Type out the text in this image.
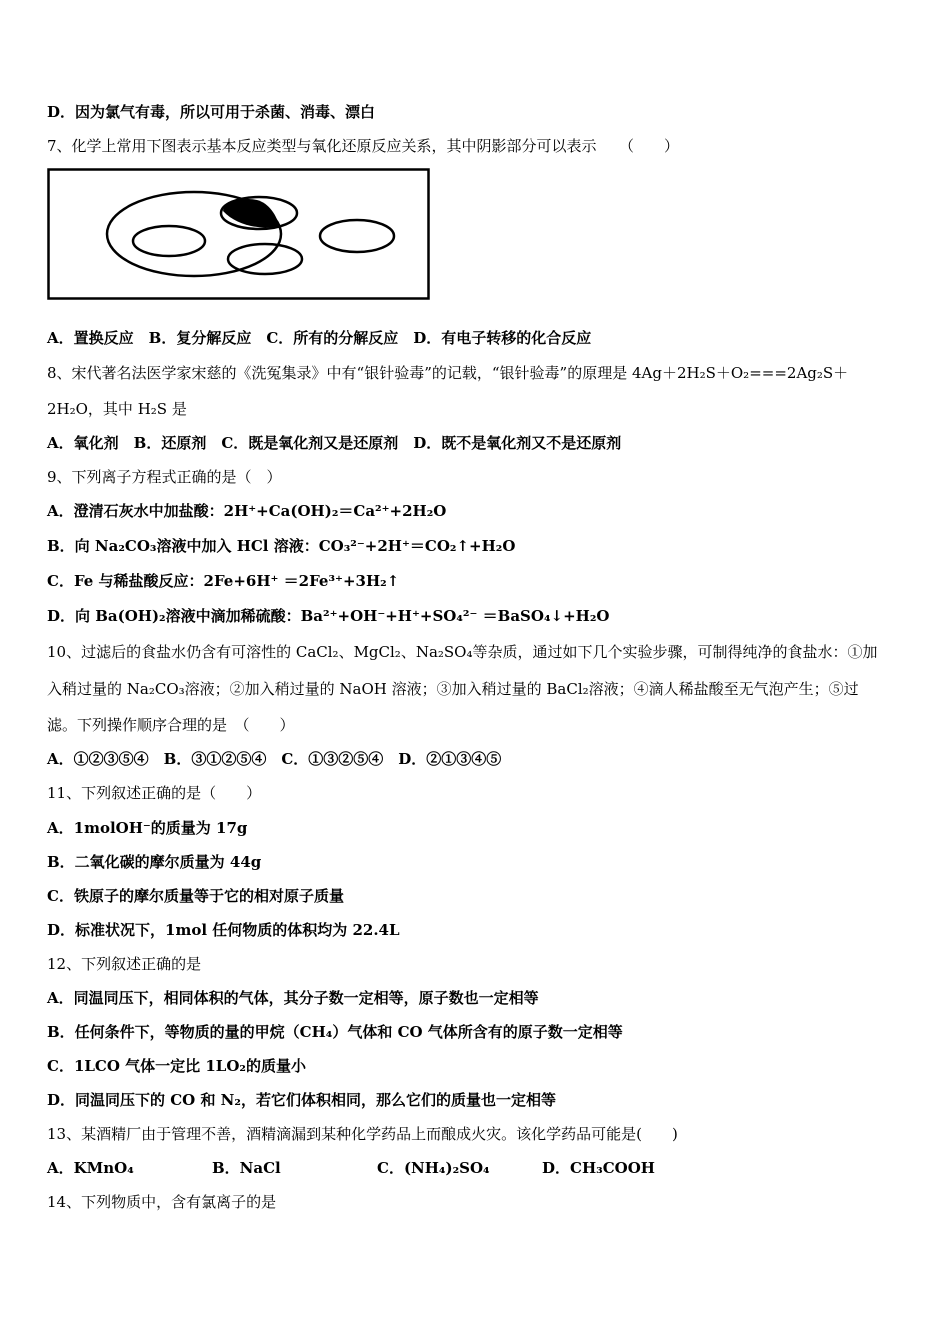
D．因为氯气有毒，所以可用于杀菌、消毒、漂白
7、化学上常用下图表示基本反应类型与氧化还原反应关系，其中阴影部分可以表示　　（　　）
A．置换反应　B．复分解反应　C．所有的分解反应　D．有电子转移的化合反应
8、宋代著名法医学家宋慈的《洗冤集录》中有“银针验毒”的记载，“银针验毒”的原理是 4Ag＋2H₂S＋O₂===2Ag₂S＋
2H₂O，其中 H₂S 是
A．氧化剂　B．还原剂　C．既是氧化剂又是还原剂　D．既不是氧化剂又不是还原剂
9、下列离子方程式正确的是（　）
A．澄清石灰水中加盐酸：2H⁺+Ca(OH)₂＝Ca²⁺+2H₂O
B．向 Na₂CO₃溶液中加入 HCl 溶液：CO₃²⁻+2H⁺＝CO₂↑+H₂O
C．Fe 与稀盐酸反应：2Fe+6H⁺ ＝2Fe³⁺+3H₂↑
D．向 Ba(OH)₂溶液中滴加稀硫酸：Ba²⁺+OH⁻+H⁺+SO₄²⁻ ＝BaSO₄↓+H₂O
10、过滤后的食盐水仍含有可溶性的 CaCl₂、MgCl₂、Na₂SO₄等杂质，通过如下几个实验步骤，可制得纯净的食盐水：①加
入稍过量的 Na₂CO₃溶液；②加入稍过量的 NaOH 溶液；③加入稍过量的 BaCl₂溶液；④滴人稀盐酸至无气泡产生；⑤过
滤。下列操作顺序合理的是　（　　）
A．①②③⑤④　B．③①②⑤④　C．①③②⑤④　D．②①③④⑤
11、下列叙述正确的是（　　）
A．1molOH⁻的质量为 17g
B．二氧化碳的摩尔质量为 44g
C．铁原子的摩尔质量等于它的相对原子质量
D．标准状况下，1mol 任何物质的体积均为 22.4L
12、下列叙述正确的是
A．同温同压下，相同体积的气体，其分子数一定相等，原子数也一定相等
B．任何条件下，等物质的量的甲烷（CH₄）气体和 CO 气体所含有的原子数一定相等
C．1LCO 气体一定比 1LO₂的质量小
D．同温同压下的 CO 和 N₂，若它们体积相同，那么它们的质量也一定相等
13、某酒精厂由于管理不善，酒精滴漏到某种化学药品上而酿成火灾。该化学药品可能是(　　)
A．KMnO₄	B．NaCl	C．(NH₄)₂SO₄	D．CH₃COOH
14、下列物质中，含有氯离子的是
